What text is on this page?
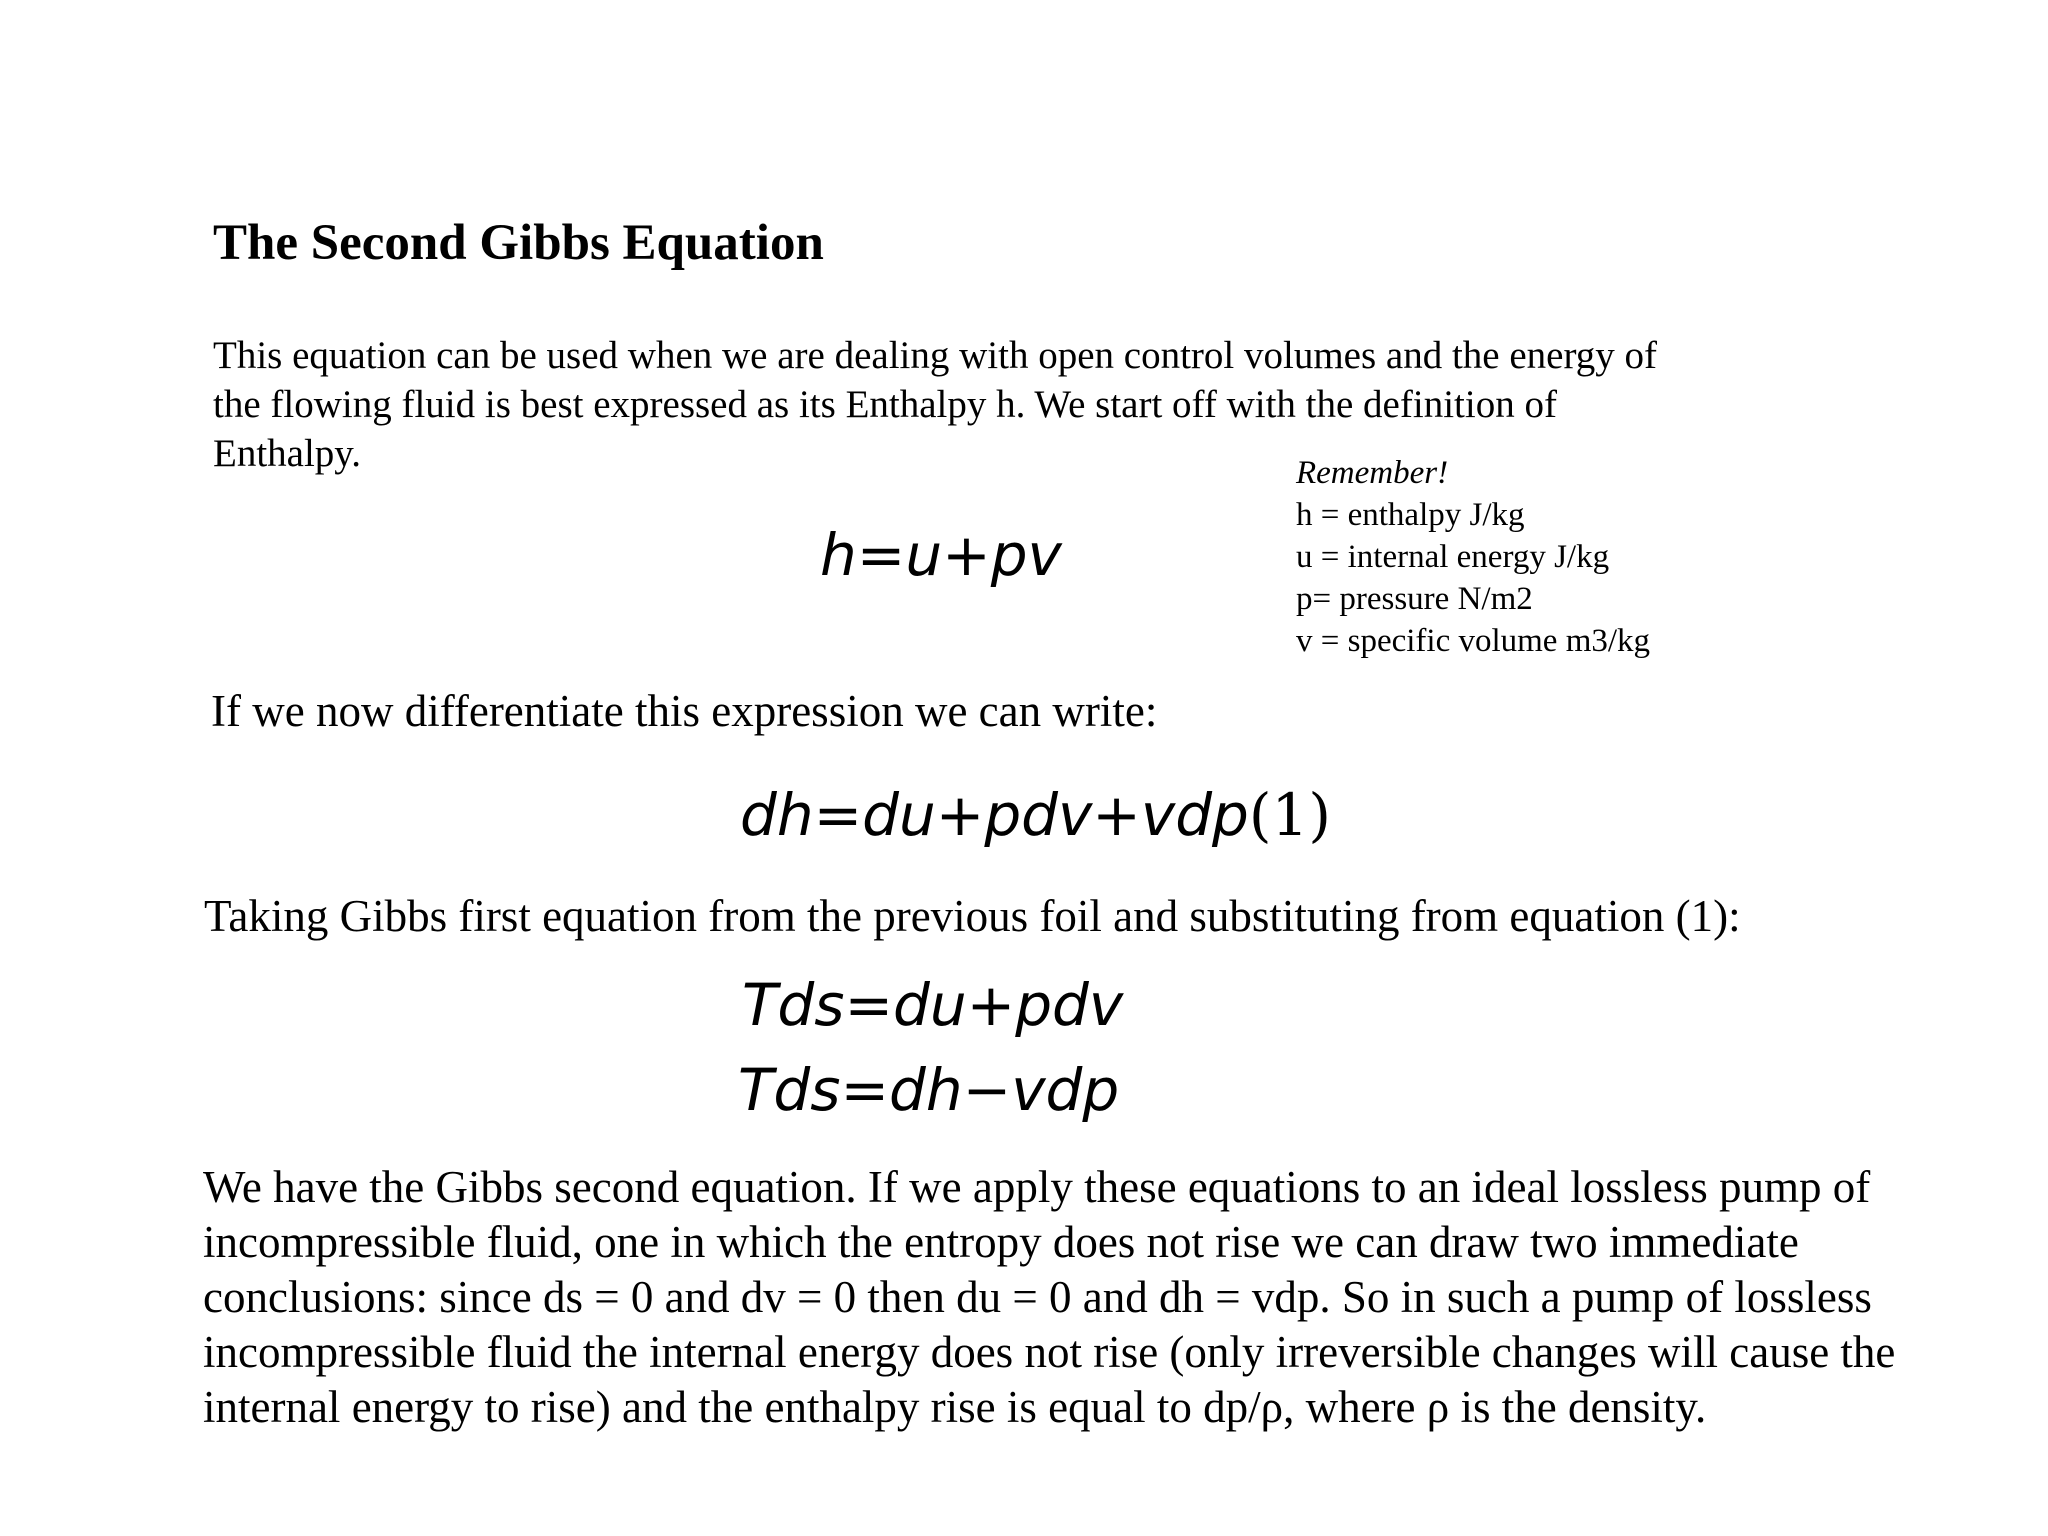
The Second Gibbs Equation

This equation can be used when we are dealing with open control volumes and the energy of

the flowing fluid is best expressed as its Enthalpy h. We start off with the definition of

Enthalpy.	Remember!
h = enthalpy J/kg
u = internal energy J/kg
p= pressure N/m2
v = specific volume m3/kg
h=u+pv
If we now differentiate this expression we can write:
dh=du+pdv+vdp(1)
Taking Gibbs first equation from the previous foil and substituting from equation (1):
Tds=du+pdv
Tds=dh−vdp

We have the Gibbs second equation. If we apply these equations to an ideal lossless pump of

incompressible fluid, one in which the entropy does not rise we can draw two immediate

conclusions: since ds = 0 and dv = 0 then du = 0 and dh = vdp. So in such a pump of lossless

incompressible fluid the internal energy does not rise (only irreversible changes will cause the

internal energy to rise) and the enthalpy rise is equal to dp/ρ, where ρ is the density.
